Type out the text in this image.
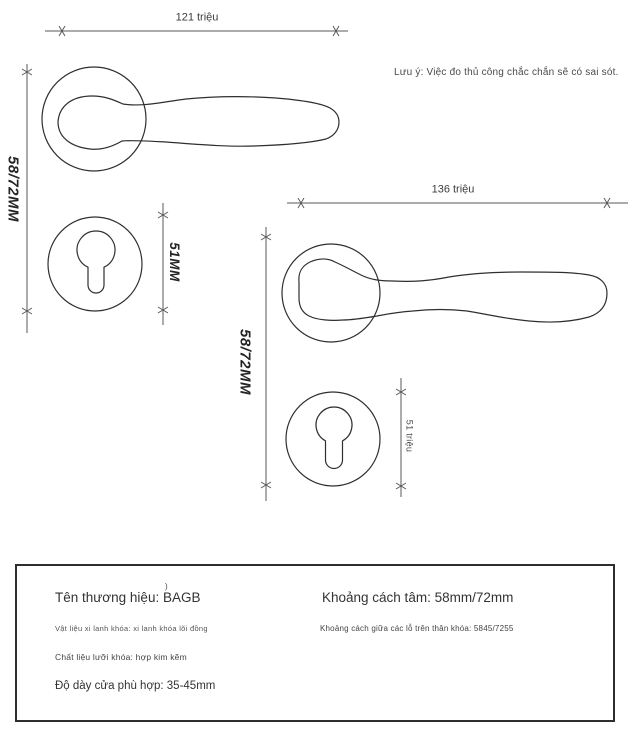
121 triệu
Lưu ý: Việc đo thủ công chắc chắn sẽ có sai sót.
58/72MM
51MM
136 triệu
58/72MM
51 triệu
Tên thương hiệu: BAGB
)
Vật liệu xi lanh khóa: xi lanh khóa lõi đồng
Chất liệu lưỡi khóa: hợp kim kẽm
Độ dày cửa phù hợp: 35-45mm
Khoảng cách tâm: 58mm/72mm
Khoảng cách giữa các lỗ trên thân khóa: 5845/7255
